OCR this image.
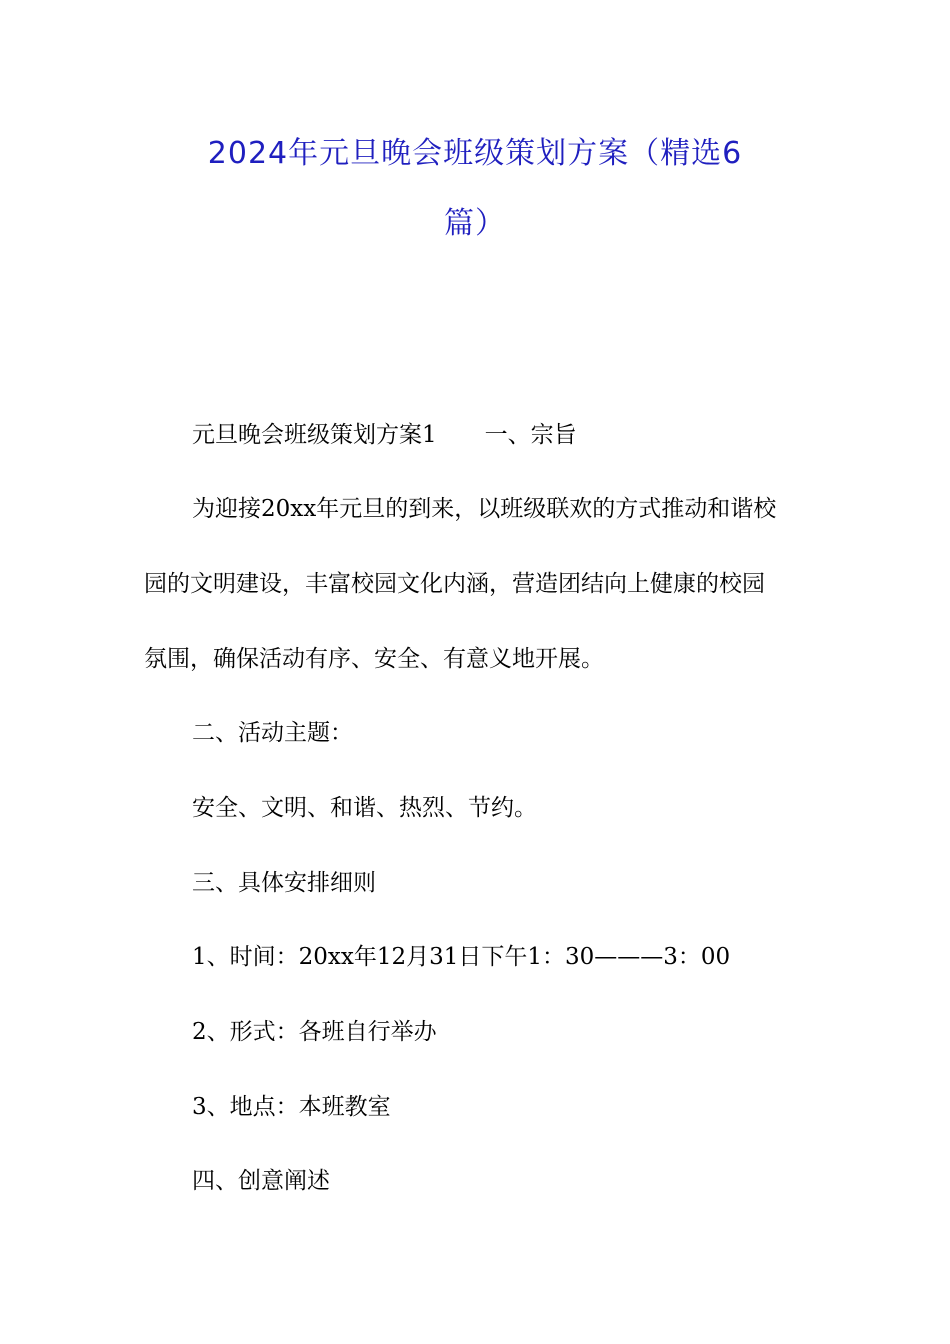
2024年元旦晚会班级策划方案（精选6
篇）
元旦晚会班级策划方案1 一、宗旨
为迎接20xx年元旦的到来，以班级联欢的方式推动和谐校
园的文明建设，丰富校园文化内涵，营造团结向上健康的校园
氛围，确保活动有序、安全、有意义地开展。
二、活动主题：
安全、文明、和谐、热烈、节约。
三、具体安排细则
1、时间：20xx年12月31日下午1：30———3：00
2、形式：各班自行举办
3、地点：本班教室
四、创意阐述
